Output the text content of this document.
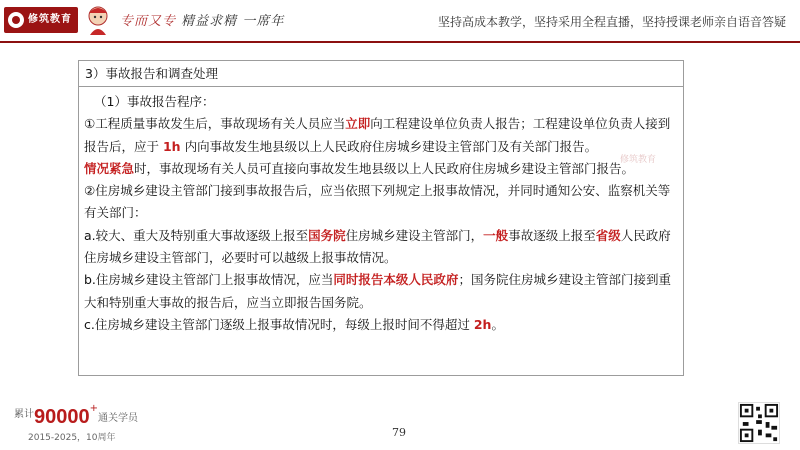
修筑教育	专而又专 精益求精 一席年	坚持高成本教学，坚持采用全程直播，坚持授课老师亲自语音答疑
3）事故报告和调查处理

（1）事故报告程序：

①工程质量事故发生后，事故现场有关人员应当立即向工程建设单位负责人报告；工程建设单位负责人接到报告后，应于 1h 内向事故发生地县级以上人民政府住房城乡建设主管部门及有关部门报告。

情况紧急时，事故现场有关人员可直接向事故发生地县级以上人民政府住房城乡建设主管部门报告。

②住房城乡建设主管部门接到事故报告后，应当依照下列规定上报事故情况，并同时通知公安、监察机关等有关部门：

a.较大、重大及特别重大事故逐级上报至国务院住房城乡建设主管部门，一般事故逐级上报至省级人民政府住房城乡建设主管部门，必要时可以越级上报事故情况。

b.住房城乡建设主管部门上报事故情况，应当同时报告本级人民政府；国务院住房城乡建设主管部门接到重大和特别重大事故的报告后，应当立即报告国务院。

c.住房城乡建设主管部门逐级上报事故情况时，每级上报时间不得超过 2h。

修筑教育
$^{累计}$90000+通关学员
2015-2025，10周年	79
